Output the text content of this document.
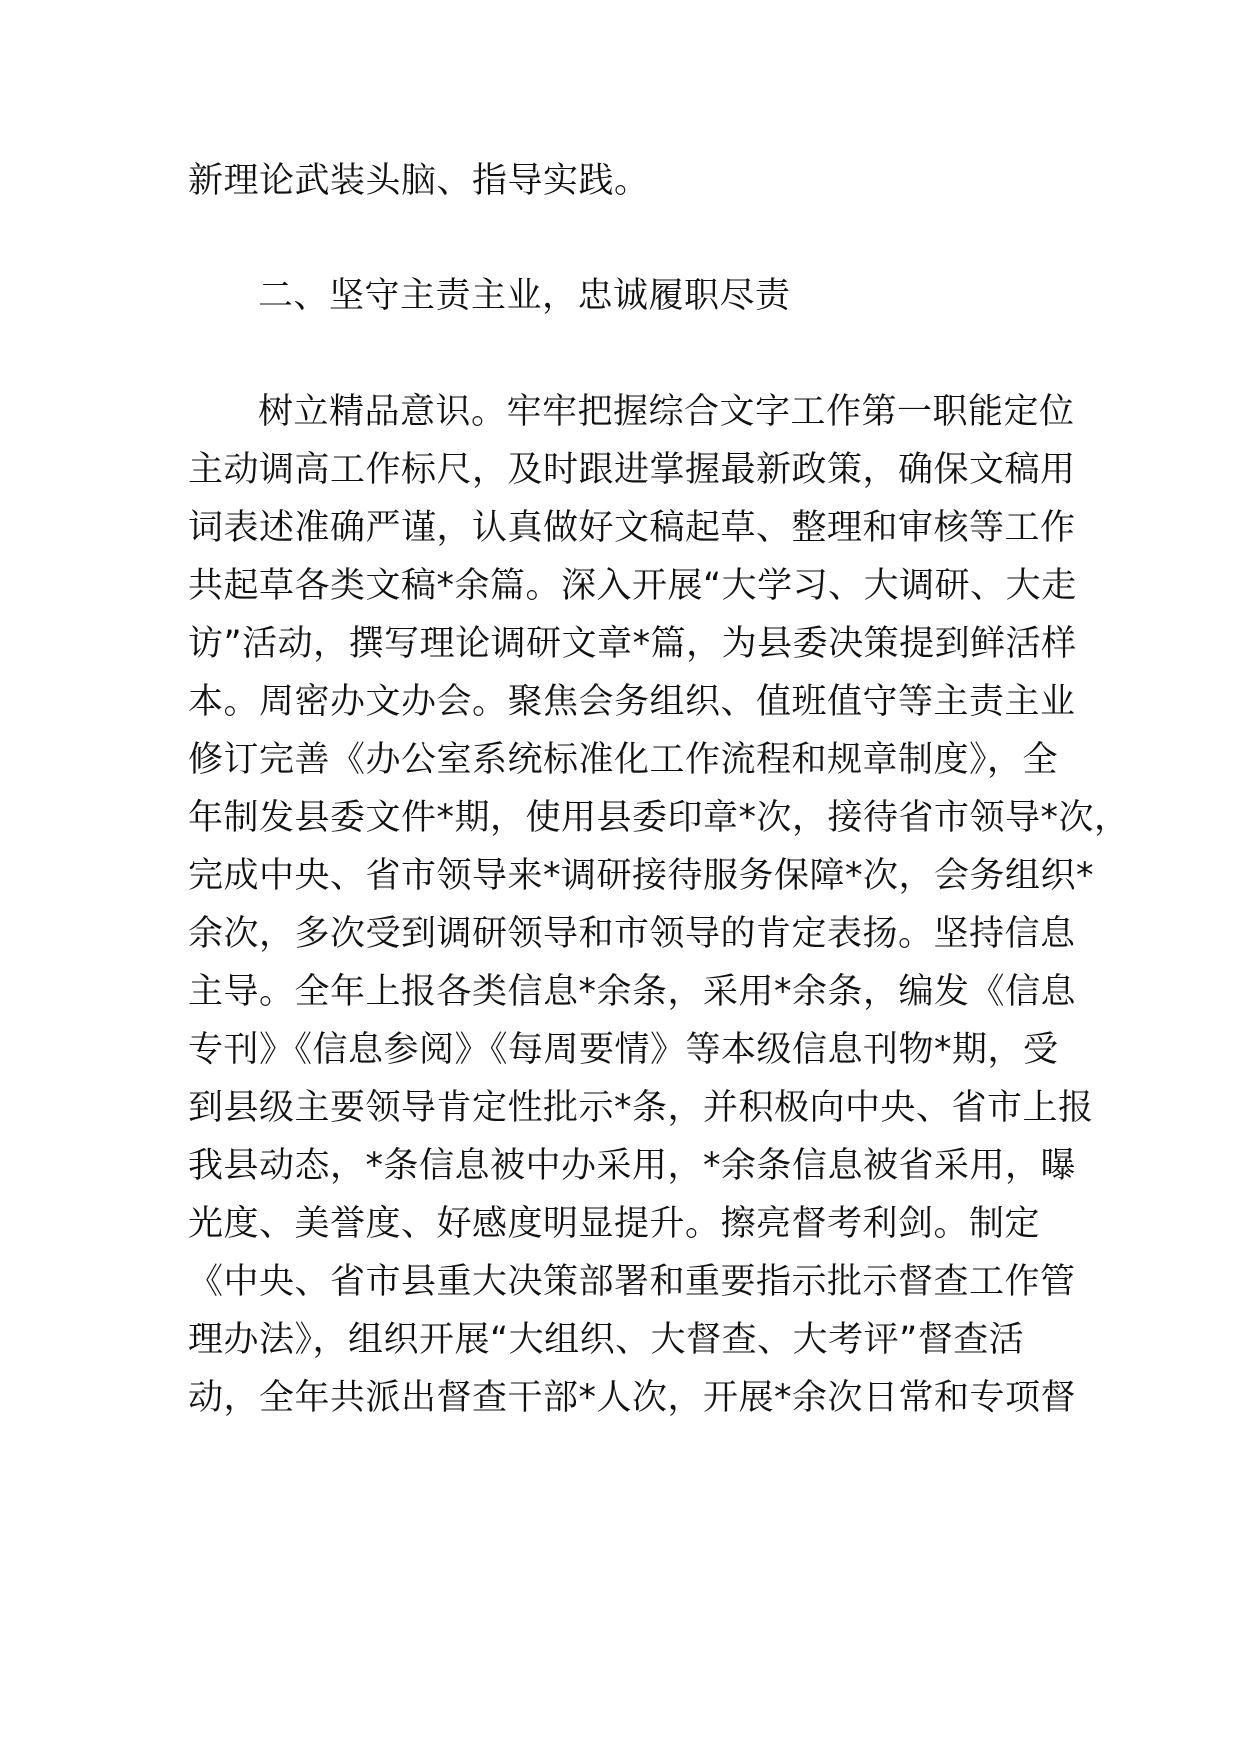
新理论武装头脑、指导实践。
二、坚守主责主业，忠诚履职尽责
树立精品意识。牢牢把握综合文字工作第一职能定位
主动调高工作标尺，及时跟进掌握最新政策，确保文稿用
词表述准确严谨，认真做好文稿起草、整理和审核等工作
共起草各类文稿*余篇。深入开展“大学习、大调研、大走
访”活动，撰写理论调研文章*篇，为县委决策提到鲜活样
本。周密办文办会。聚焦会务组织、值班值守等主责主业
修订完善《办公室系统标准化工作流程和规章制度》，全
年制发县委文件*期，使用县委印章*次，接待省市领导*次，
完成中央、省市领导来*调研接待服务保障*次，会务组织*
余次，多次受到调研领导和市领导的肯定表扬。坚持信息
主导。全年上报各类信息*余条，采用*余条，编发《信息
专刊》《信息参阅》《每周要情》等本级信息刊物*期，受
到县级主要领导肯定性批示*条，并积极向中央、省市上报
我县动态，*条信息被中办采用，*余条信息被省采用，曝
光度、美誉度、好感度明显提升。擦亮督考利剑。制定
《中央、省市县重大决策部署和重要指示批示督查工作管
理办法》，组织开展“大组织、大督查、大考评”督查活
动，全年共派出督查干部*人次，开展*余次日常和专项督
